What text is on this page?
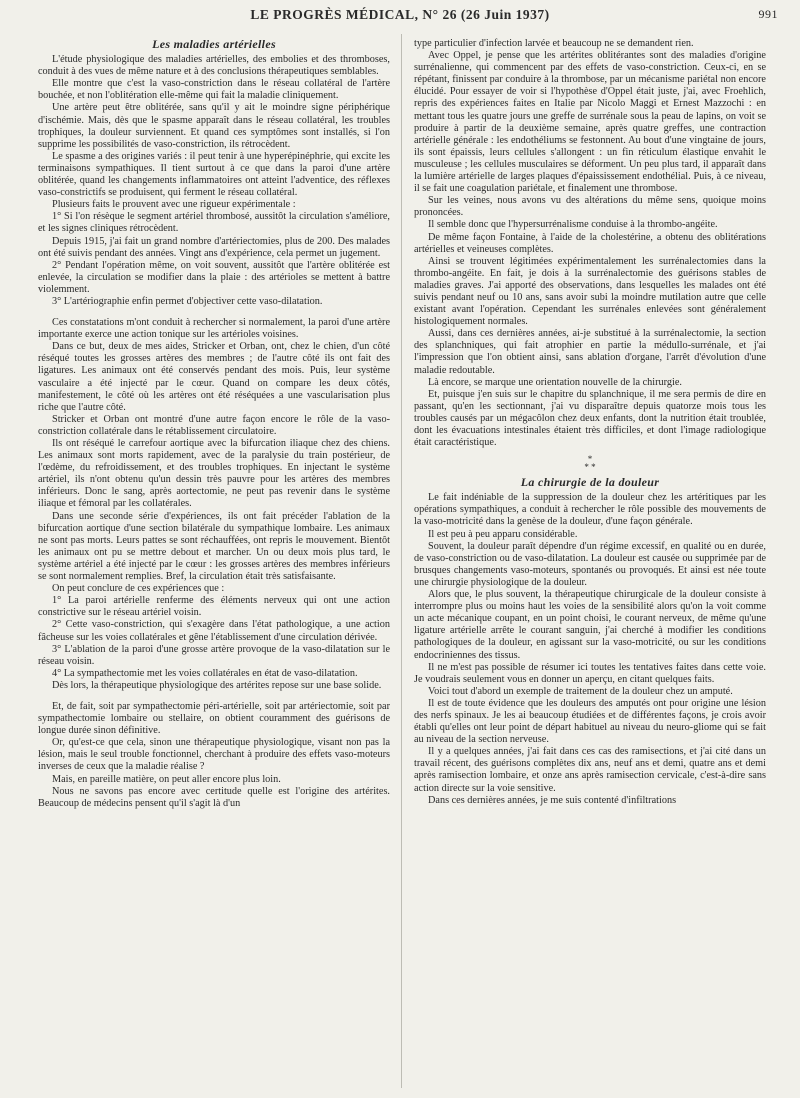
LE PROGRÈS MÉDICAL, N° 26 (26 Juin 1937)	991
Les maladies artérielles

L'étude physiologique des maladies artérielles, des embolies et des thromboses, conduit à des vues de même nature et à des conclusions thérapeutiques semblables.

Elle montre que c'est la vaso-constriction dans le réseau collatéral de l'artère bouchée, et non l'oblitération elle-même qui fait la maladie cliniquement.

Une artère peut être oblitérée, sans qu'il y ait le moindre signe périphérique d'ischémie. Mais, dès que le spasme apparaît dans le réseau collatéral, les troubles trophiques, la douleur surviennent. Et quand ces symptômes sont installés, si l'on supprime les possibilités de vaso-constriction, ils rétrocèdent.

Le spasme a des origines variés : il peut tenir à une hyperépinéphrie, qui excite les terminaisons sympathiques. Il tient surtout à ce que dans la paroi d'une artère oblitérée, quand les changements inflammatoires ont atteint l'adventice, des réflexes vaso-constrictifs se produisent, qui ferment le réseau collatéral.

Plusieurs faits le prouvent avec une rigueur expérimentale :

1° Si l'on résèque le segment artériel thrombosé, aussitôt la circulation s'améliore, et les signes cliniques rétrocèdent.

Depuis 1915, j'ai fait un grand nombre d'artériectomies, plus de 200. Des malades ont été suivis pendant des années. Vingt ans d'expérience, cela permet un jugement.

2° Pendant l'opération même, on voit souvent, aussitôt que l'artère oblitérée est enlevée, la circulation se modifier dans la plaie : des artérioles se mettent à battre violemment.

3° L'artériographie enfin permet d'objectiver cette vaso-dilatation.

Ces constatations m'ont conduit à rechercher si normalement, la paroi d'une artère importante exerce une action tonique sur les artérioles voisines.

Dans ce but, deux de mes aides, Stricker et Orban, ont, chez le chien, d'un côté réséqué toutes les grosses artères des membres ; de l'autre côté ils ont fait des ligatures. Les animaux ont été conservés pendant des mois. Puis, leur système vasculaire a été injecté par le cœur. Quand on compare les deux côtés, manifestement, le côté où les artères ont été réséquées a une vascularisation plus riche que l'autre côté.

Stricker et Orban ont montré d'une autre façon encore le rôle de la vaso-constriction collatérale dans le rétablissement circulatoire.

Ils ont réséqué le carrefour aortique avec la bifurcation iliaque chez des chiens. Les animaux sont morts rapidement, avec de la paralysie du train postérieur, de l'œdème, du refroidissement, et des troubles trophiques. En injectant le système artériel, ils n'ont obtenu qu'un dessin très pauvre pour les artères des membres inférieurs. Donc le sang, après aortectomie, ne peut pas revenir dans le système iliaque et fémoral par les collatérales.

Dans une seconde série d'expériences, ils ont fait précéder l'ablation de la bifurcation aortique d'une section bilatérale du sympathique lombaire. Les animaux ne sont pas morts. Leurs pattes se sont réchauffées, ont repris le mouvement. Bientôt les animaux ont pu se mettre debout et marcher. Un ou deux mois plus tard, le système artériel a été injecté par le cœur : les grosses artères des membres inférieurs se sont normalement remplies. Bref, la circulation était très satisfaisante.

On peut conclure de ces expériences que :

1° La paroi artérielle renferme des éléments nerveux qui ont une action constrictive sur le réseau artériel voisin.

2° Cette vaso-constriction, qui s'exagère dans l'état pathologique, a une action fâcheuse sur les voies collatérales et gêne l'établissement d'une circulation dérivée.

3° L'ablation de la paroi d'une grosse artère provoque de la vaso-dilatation sur le réseau voisin.

4° La sympathectomie met les voies collatérales en état de vaso-dilatation.

Dès lors, la thérapeutique physiologique des artérites repose sur une base solide.

Et, de fait, soit par sympathectomie péri-artérielle, soit par artériectomie, soit par sympathectomie lombaire ou stellaire, on obtient couramment des guérisons de longue durée sinon définitive.

Or, qu'est-ce que cela, sinon une thérapeutique physiologique, visant non pas la lésion, mais le seul trouble fonctionnel, cherchant à produire des effets vaso-moteurs inverses de ceux que la maladie réalise ?

Mais, en pareille matière, on peut aller encore plus loin.

Nous ne savons pas encore avec certitude quelle est l'origine des artérites. Beaucoup de médecins pensent qu'il s'agit là d'un

type particulier d'infection larvée et beaucoup ne se demandent rien.

Avec Oppel, je pense que les artérites oblitérantes sont des maladies d'origine surrénalienne, qui commencent par des effets de vaso-constriction. Ceux-ci, en se répétant, finissent par conduire à la thrombose, par un mécanisme pariétal non encore élucidé. Pour essayer de voir si l'hypothèse d'Oppel était juste, j'ai, avec Froehlich, repris des expériences faites en Italie par Nicolo Maggi et Ernest Mazzochi : en mettant tous les quatre jours une greffe de surrénale sous la peau de lapins, on voit se produire à partir de la deuxième semaine, après quatre greffes, une contraction artérielle générale : les endothéliums se festonnent. Au bout d'une vingtaine de jours, ils sont épaissis, leurs cellules s'allongent : un fin réticulum élastique envahit le musculeuse ; les cellules musculaires se déforment. Un peu plus tard, il apparaît dans la lumière artérielle de larges plaques d'épaississement endothélial. Puis, à ce niveau, il se fait une coagulation pariétale, et finalement une thrombose.

Sur les veines, nous avons vu des altérations du même sens, quoique moins prononcées.

Il semble donc que l'hypersurrénalisme conduise à la thrombo-angéite.

De même façon Fontaine, à l'aide de la cholestérine, a obtenu des oblitérations artérielles et veineuses complètes.

Ainsi se trouvent légitimées expérimentalement les surrénalectomies dans la thrombo-angéite. En fait, je dois à la surrénalectomie des guérisons stables de maladies graves. J'ai apporté des observations, dans lesquelles les malades ont été suivis pendant neuf ou 10 ans, sans avoir subi la moindre mutilation autre que celle existant avant l'opération. Cependant les surrénales enlevées sont généralement histologiquement normales.

Aussi, dans ces dernières années, ai-je substitué à la surrénalectomie, la section des splanchniques, qui fait atrophier en partie la médullo-surrénale, et j'ai l'impression que l'on obtient ainsi, sans ablation d'organe, l'arrêt d'évolution d'une maladie redoutable.

Là encore, se marque une orientation nouvelle de la chirurgie.

Et, puisque j'en suis sur le chapitre du splanchnique, il me sera permis de dire en passant, qu'en les sectionnant, j'ai vu disparaître depuis quatorze mois tous les troubles causés par un mégacôlon chez deux enfants, dont la nutrition était troublée, dont les évacuations intestinales étaient très difficiles, et dont l'image radiologique était caractéristique.

*
* *
La chirurgie de la douleur

Le fait indéniable de la suppression de la douleur chez les artéritiques par les opérations sympathiques, a conduit à rechercher le rôle possible des mouvements de la vaso-motricité dans la genèse de la douleur, d'une façon générale.

Il est peu à peu apparu considérable.

Souvent, la douleur paraît dépendre d'un régime excessif, en qualité ou en durée, de vaso-constriction ou de vaso-dilatation. La douleur est causée ou supprimée par de brusques changements vaso-moteurs, spontanés ou provoqués. Et ainsi est née toute une chirurgie physiologique de la douleur.

Alors que, le plus souvent, la thérapeutique chirurgicale de la douleur consiste à interrompre plus ou moins haut les voies de la sensibilité alors qu'on la voit comme un acte mécanique coupant, en un point choisi, le courant nerveux, de même qu'une ligature artérielle arrête le courant sanguin, j'ai cherché à modifier les conditions pathologiques de la douleur, en agissant sur la vaso-motricité, ou sur les conditions endocriniennes des tissus.

Il ne m'est pas possible de résumer ici toutes les tentatives faites dans cette voie. Je voudrais seulement vous en donner un aperçu, en citant quelques faits.

Voici tout d'abord un exemple de traitement de la douleur chez un amputé.

Il est de toute évidence que les douleurs des amputés ont pour origine une lésion des nerfs spinaux. Je les ai beaucoup étudiées et de différentes façons, je crois avoir établi qu'elles ont leur point de départ habituel au niveau du neuro-gliome qui se fait au niveau de la section nerveuse.

Il y a quelques années, j'ai fait dans ces cas des ramisections, et j'ai cité dans un travail récent, des guérisons complètes dix ans, neuf ans et demi, quatre ans et demi après ramisection lombaire, et onze ans après ramisection cervicale, c'est-à-dire sans action directe sur la voie sensitive.

Dans ces dernières années, je me suis contenté d'infiltrations
